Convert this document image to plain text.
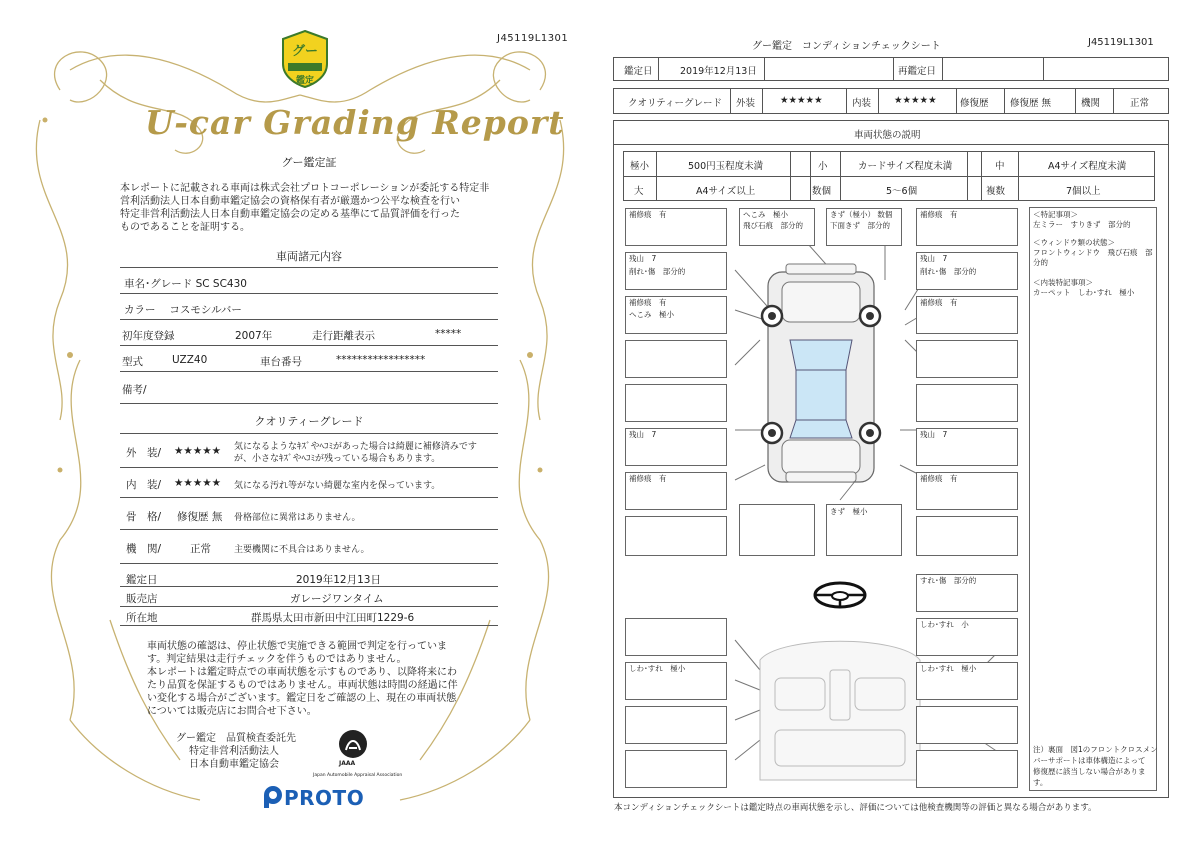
J45119L1301
グー
鑑定
U-car Grading Report
グー鑑定証
本レポートに記載される車両は株式会社プロトコーポレーションが委託する特定非
営利活動法人日本自動車鑑定協会の資格保有者が厳選かつ公平な検査を行い
特定非営利活動法人日本自動車鑑定協会の定める基準にて品質評価を行った
ものであることを証明する。
車両諸元内容
車名･グレード SC SC430
カラー　 コスモシルバー
初年度登録	2007年	走行距離表示	*****
型式	UZZ40	車台番号	*****************
備考/
クオリティーグレード
外　装/ ★★★★★ 気になるようなｷｽﾞやﾍｺﾐがあった場合は綺麗に補修済みです
が、小さなｷｽﾞやﾍｺﾐが残っている場合もあります。
内　装/ ★★★★★ 気になる汚れ等がない綺麗な室内を保っています。
骨　格/ 修復歴 無 骨格部位に異常はありません。
機　関/	正常	主要機関に不具合はありません。
鑑定日	2019年12月13日
販売店	ガレージワンタイム
所在地	群馬県太田市新田中江田町1229-6
車両状態の確認は、停止状態で実施できる範囲で判定を行っていま
す。判定結果は走行チェックを伴うものではありません。
本レポートは鑑定時点での車両状態を示すものであり、以降将来にわ
たり品質を保証するものではありません。車両状態は時間の経過に伴
い変化する場合がございます。鑑定日をご確認の上、現在の車両状態
については販売店にお問合せ下さい。
グー鑑定　品質検査委託先
特定非営利活動法人
日本自動車鑑定協会	JAAA
Japan Automobile Appraisal Association
PROTO
グー鑑定　コンディションチェックシート	J45119L1301
鑑定日	2019年12月13日	再鑑定日
クオリティーグレード 外装	★★★★★	内装 ★★★★★ 修復歴 修復歴 無	機関	正常
車両状態の説明
極小	500円玉程度未満	小	カードサイズ程度未満	中	A4サイズ程度未満
大	A4サイズ以上	数個	5～6個	複数	7個以上
補修痕　有	へこみ　極小
飛び石痕　部分的
きず（極小） 数個
下面きず　部分的
補修痕　有
残山　7
削れ･傷　部分的
残山　7
削れ･傷　部分的
補修痕　有
へこみ　極小
補修痕　有
残山　7	残山　7
補修痕　有	補修痕　有
きず　極小
すれ･傷　部分的
しわ･すれ　小
しわ･すれ　極小	しわ･すれ　極小
＜特記事項＞
左ミラー　すりきず　部分的
＜ウィンドウ類の状態＞
フロントウィンドウ　飛び石痕　部
分的
＜内装特記事項＞
カーペット　しわ･すれ　極小
注）裏面　図1のフロントクロスメン
バーサポートは車体構造によって
修復歴に該当しない場合がありま
す。
本コンディションチェックシートは鑑定時点の車両状態を示し、評価については他検査機関等の評価と異なる場合があります。
